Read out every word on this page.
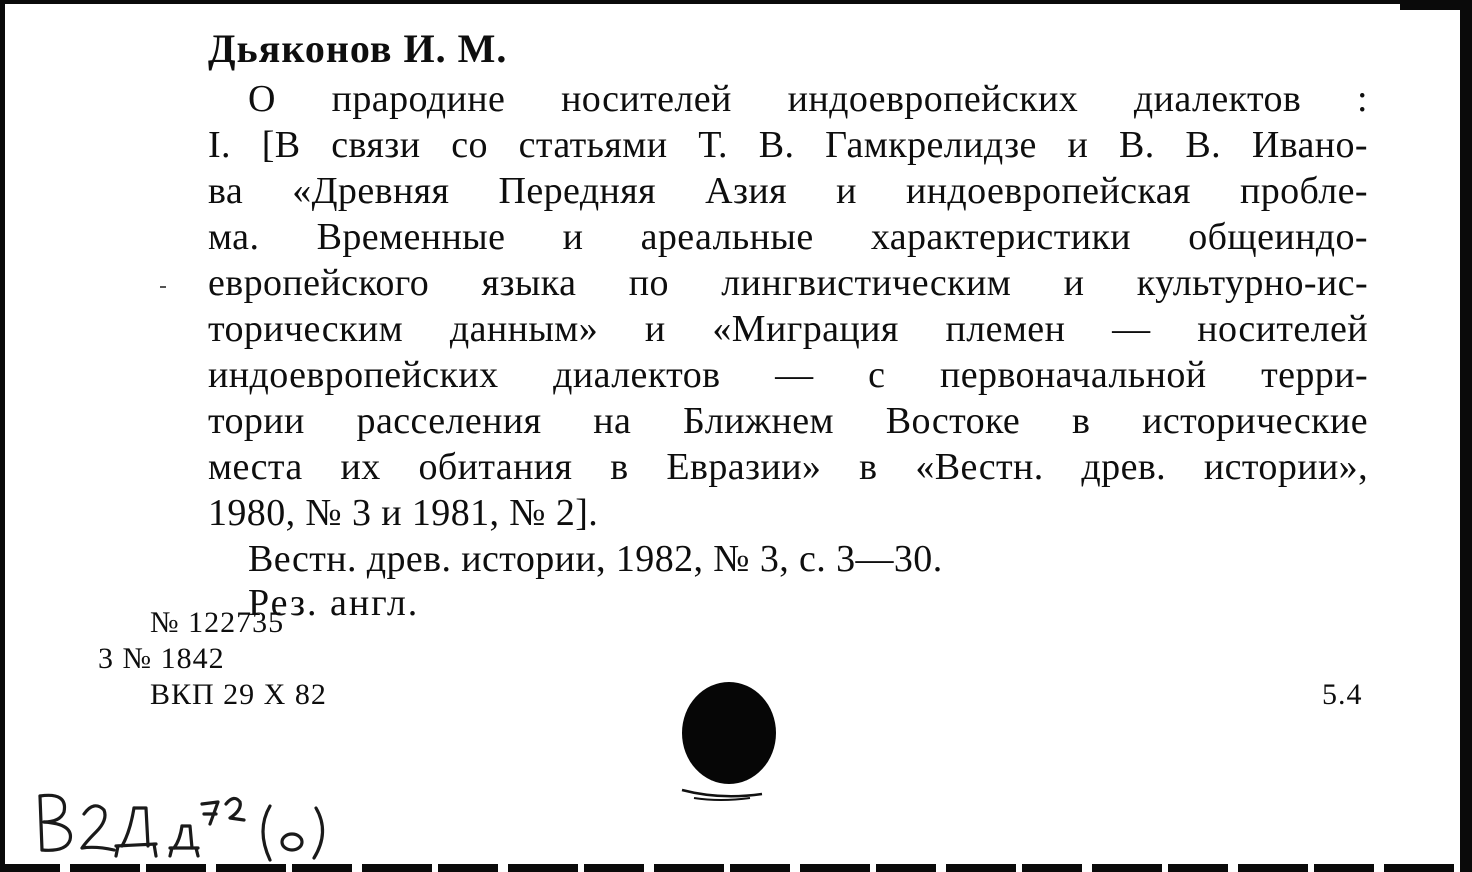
Дьяконов И. М.
О прародине носителей индоевропейских диалектов :
I. [В связи со статьями Т. В. Гамкрелидзе и В. В. Ивано-
ва «Древняя Передняя Азия и индоевропейская пробле-
ма. Временные и ареальные характеристики общеиндо-
европейского языка по лингвистическим и культурно-ис-
торическим данным» и «Миграция племен — носителей
индоевропейских диалектов — с первоначальной терри-
тории расселения на Ближнем Востоке в исторические
места их обитания в Евразии» в «Вестн. древ. истории»,
1980, № 3 и 1981, № 2].
Вестн. древ. истории, 1982, № 3, с. 3—30.
Рез. англ.
№ 122735
3 № 1842
ВКП 29 X 82	5.4
